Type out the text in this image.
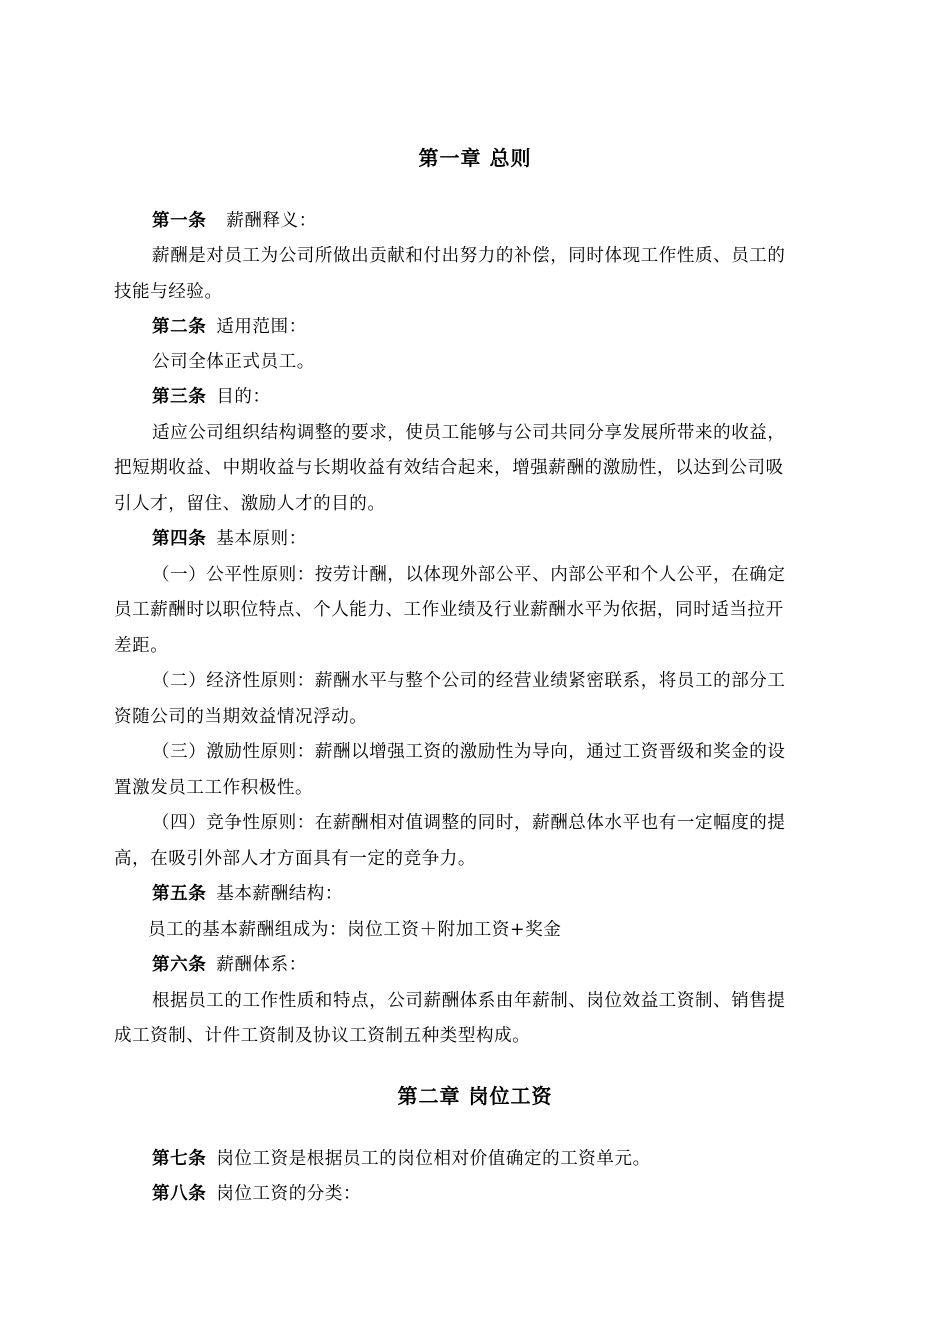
第一章 总则
第一条 薪酬释义：
薪酬是对员工为公司所做出贡献和付出努力的补偿，同时体现工作性质、员工的
技能与经验。
第二条 适用范围：
公司全体正式员工。
第三条 目的：
适应公司组织结构调整的要求，使员工能够与公司共同分享发展所带来的收益，
把短期收益、中期收益与长期收益有效结合起来，增强薪酬的激励性，以达到公司吸
引人才，留住、激励人才的目的。
第四条 基本原则：
（一）公平性原则：按劳计酬，以体现外部公平、内部公平和个人公平，在确定
员工薪酬时以职位特点、个人能力、工作业绩及行业薪酬水平为依据，同时适当拉开
差距。
（二）经济性原则：薪酬水平与整个公司的经营业绩紧密联系，将员工的部分工
资随公司的当期效益情况浮动。
（三）激励性原则：薪酬以增强工资的激励性为导向，通过工资晋级和奖金的设
置激发员工工作积极性。
（四）竞争性原则：在薪酬相对值调整的同时，薪酬总体水平也有一定幅度的提
高，在吸引外部人才方面具有一定的竞争力。
第五条 基本薪酬结构：
员工的基本薪酬组成为：岗位工资＋附加工资+奖金
第六条 薪酬体系：
根据员工的工作性质和特点，公司薪酬体系由年薪制、岗位效益工资制、销售提
成工资制、计件工资制及协议工资制五种类型构成。
第二章 岗位工资
第七条 岗位工资是根据员工的岗位相对价值确定的工资单元。
第八条 岗位工资的分类：
